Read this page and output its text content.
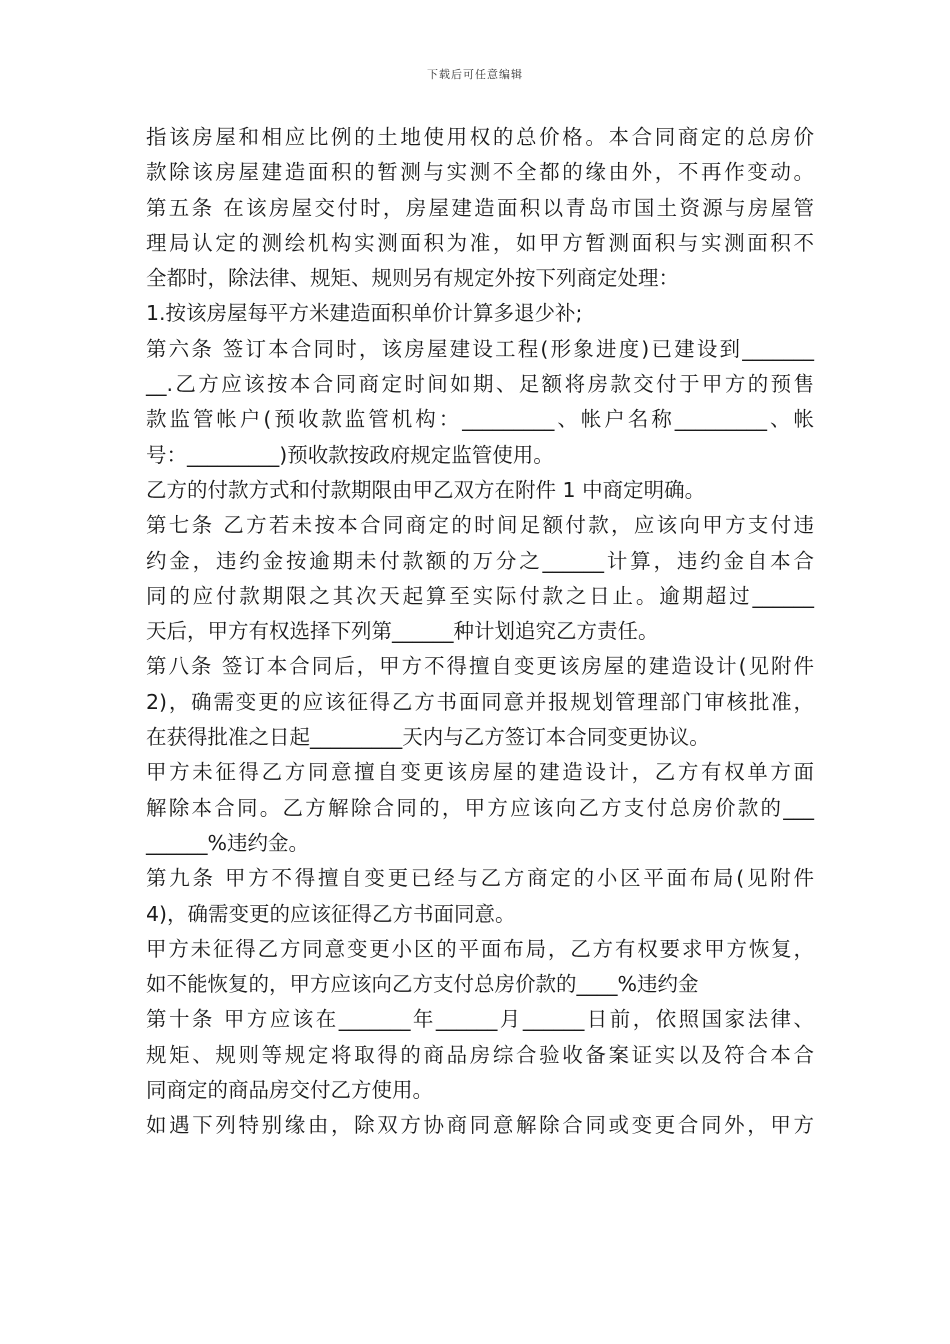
下载后可任意编辑
指该房屋和相应比例的土地使用权的总价格。本合同商定的总房价
款除该房屋建造面积的暂测与实测不全都的缘由外，不再作变动。
第五条 在该房屋交付时，房屋建造面积以青岛市国土资源与房屋管
理局认定的测绘机构实测面积为准，如甲方暂测面积与实测面积不
全都时，除法律、规矩、规则另有规定外按下列商定处理：
1.按该房屋每平方米建造面积单价计算多退少补;
第六条 签订本合同时，该房屋建设工程(形象进度)已建设到_______
__.乙方应该按本合同商定时间如期、足额将房款交付于甲方的预售
款监管帐户(预收款监管机构：_________、帐户名称_________、帐
号：_________)预收款按政府规定监管使用。
乙方的付款方式和付款期限由甲乙双方在附件 1 中商定明确。
第七条 乙方若未按本合同商定的时间足额付款，应该向甲方支付违
约金，违约金按逾期未付款额的万分之______计算，违约金自本合
同的应付款期限之其次天起算至实际付款之日止。逾期超过______
天后，甲方有权选择下列第______种计划追究乙方责任。
第八条 签订本合同后，甲方不得擅自变更该房屋的建造设计(见附件
2)，确需变更的应该征得乙方书面同意并报规划管理部门审核批准，
在获得批准之日起_________天内与乙方签订本合同变更协议。
甲方未征得乙方同意擅自变更该房屋的建造设计，乙方有权单方面
解除本合同。乙方解除合同的，甲方应该向乙方支付总房价款的___
______%违约金。
第九条 甲方不得擅自变更已经与乙方商定的小区平面布局(见附件
4)，确需变更的应该征得乙方书面同意。
甲方未征得乙方同意变更小区的平面布局，乙方有权要求甲方恢复，
如不能恢复的，甲方应该向乙方支付总房价款的____%违约金
第十条 甲方应该在_______年______月______日前，依照国家法律、
规矩、规则等规定将取得的商品房综合验收备案证实以及符合本合
同商定的商品房交付乙方使用。
如遇下列特别缘由，除双方协商同意解除合同或变更合同外，甲方
